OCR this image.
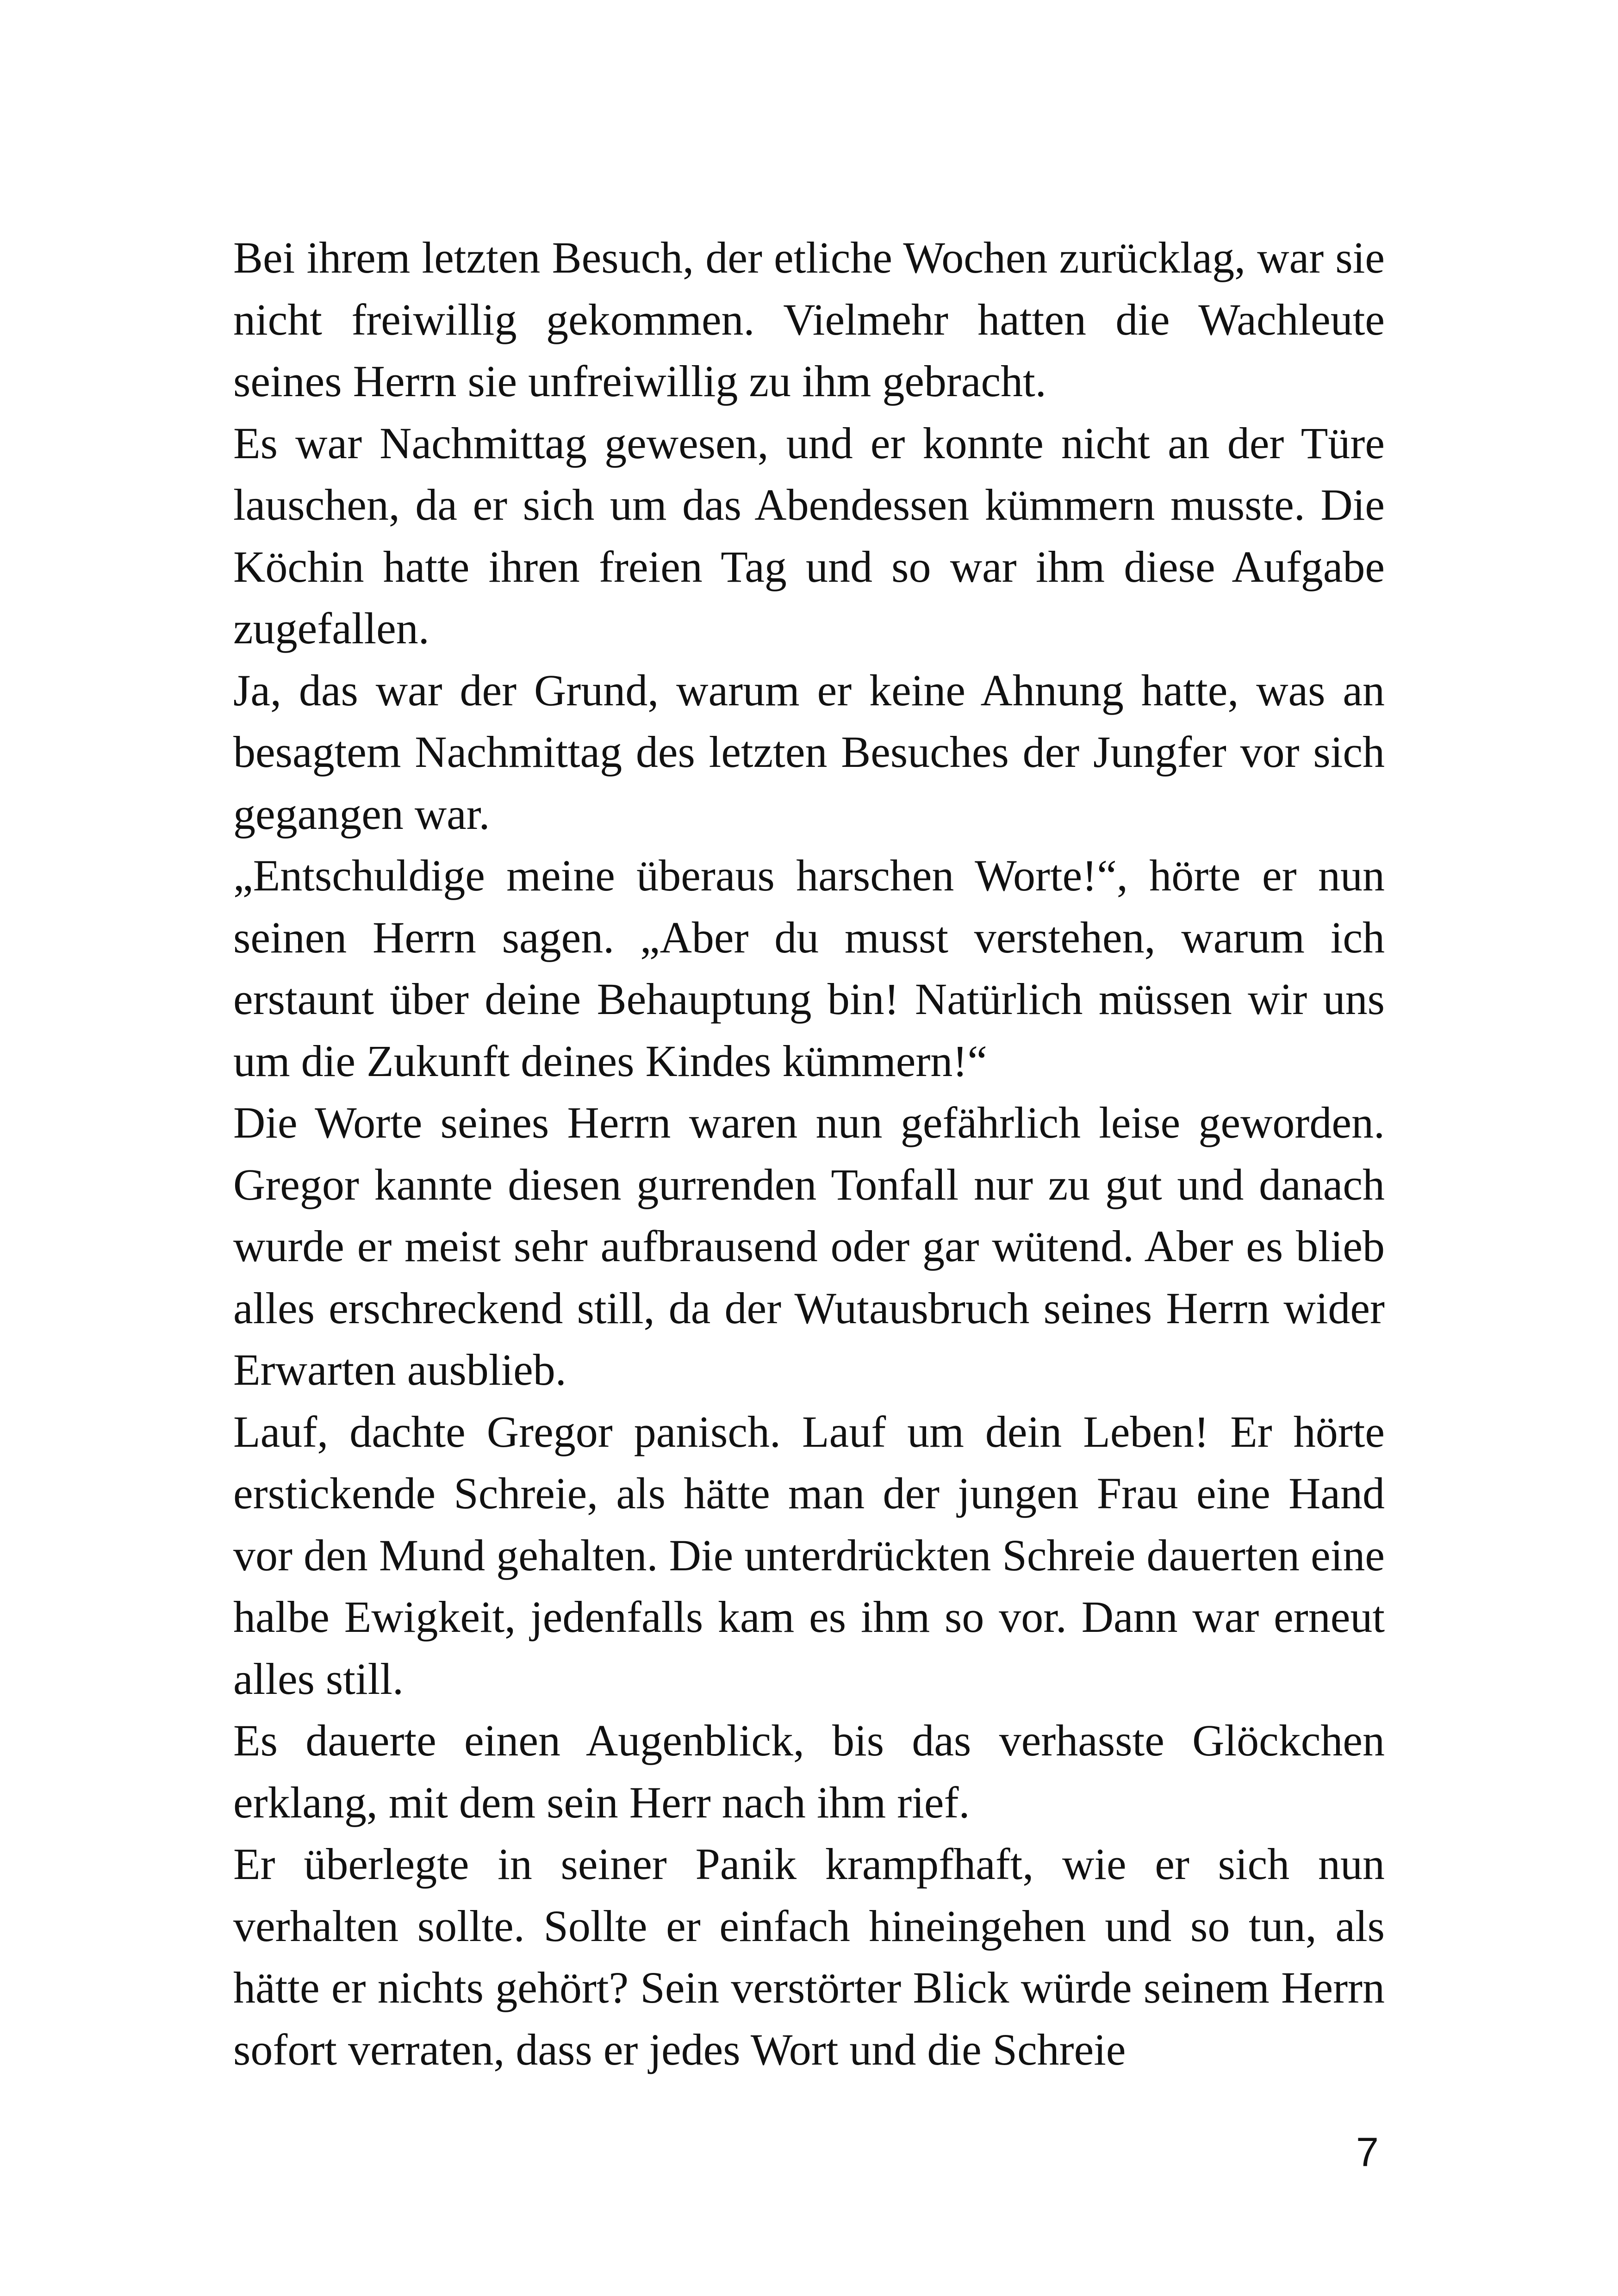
Bei ihrem letzten Besuch, der etliche Wochen zurücklag, war sie nicht freiwillig gekommen. Vielmehr hatten die Wachleute seines Herrn sie unfreiwillig zu ihm gebracht.

Es war Nachmittag gewesen, und er konnte nicht an der Türe lauschen, da er sich um das Abendessen kümmern musste. Die Köchin hatte ihren freien Tag und so war ihm diese Aufgabe zugefallen.

Ja, das war der Grund, warum er keine Ahnung hatte, was an besagtem Nachmittag des letzten Besuches der Jungfer vor sich gegangen war.

„Entschuldige meine überaus harschen Worte!“, hörte er nun seinen Herrn sagen. „Aber du musst verstehen, warum ich erstaunt über deine Behauptung bin! Natürlich müssen wir uns um die Zukunft deines Kindes kümmern!“

Die Worte seines Herrn waren nun gefährlich leise geworden. Gregor kannte diesen gurrenden Tonfall nur zu gut und danach wurde er meist sehr aufbrausend oder gar wütend. Aber es blieb alles erschreckend still, da der Wutausbruch seines Herrn wider Erwarten ausblieb.

Lauf, dachte Gregor panisch. Lauf um dein Leben! Er hörte erstickende Schreie, als hätte man der jungen Frau eine Hand vor den Mund gehalten. Die unterdrückten Schreie dauerten eine halbe Ewigkeit, jedenfalls kam es ihm so vor. Dann war erneut alles still.

Es dauerte einen Augenblick, bis das verhasste Glöckchen erklang, mit dem sein Herr nach ihm rief.

Er überlegte in seiner Panik krampfhaft, wie er sich nun verhalten sollte. Sollte er einfach hineingehen und so tun, als hätte er nichts gehört? Sein verstörter Blick würde seinem Herrn sofort verraten, dass er jedes Wort und die Schreie

7
